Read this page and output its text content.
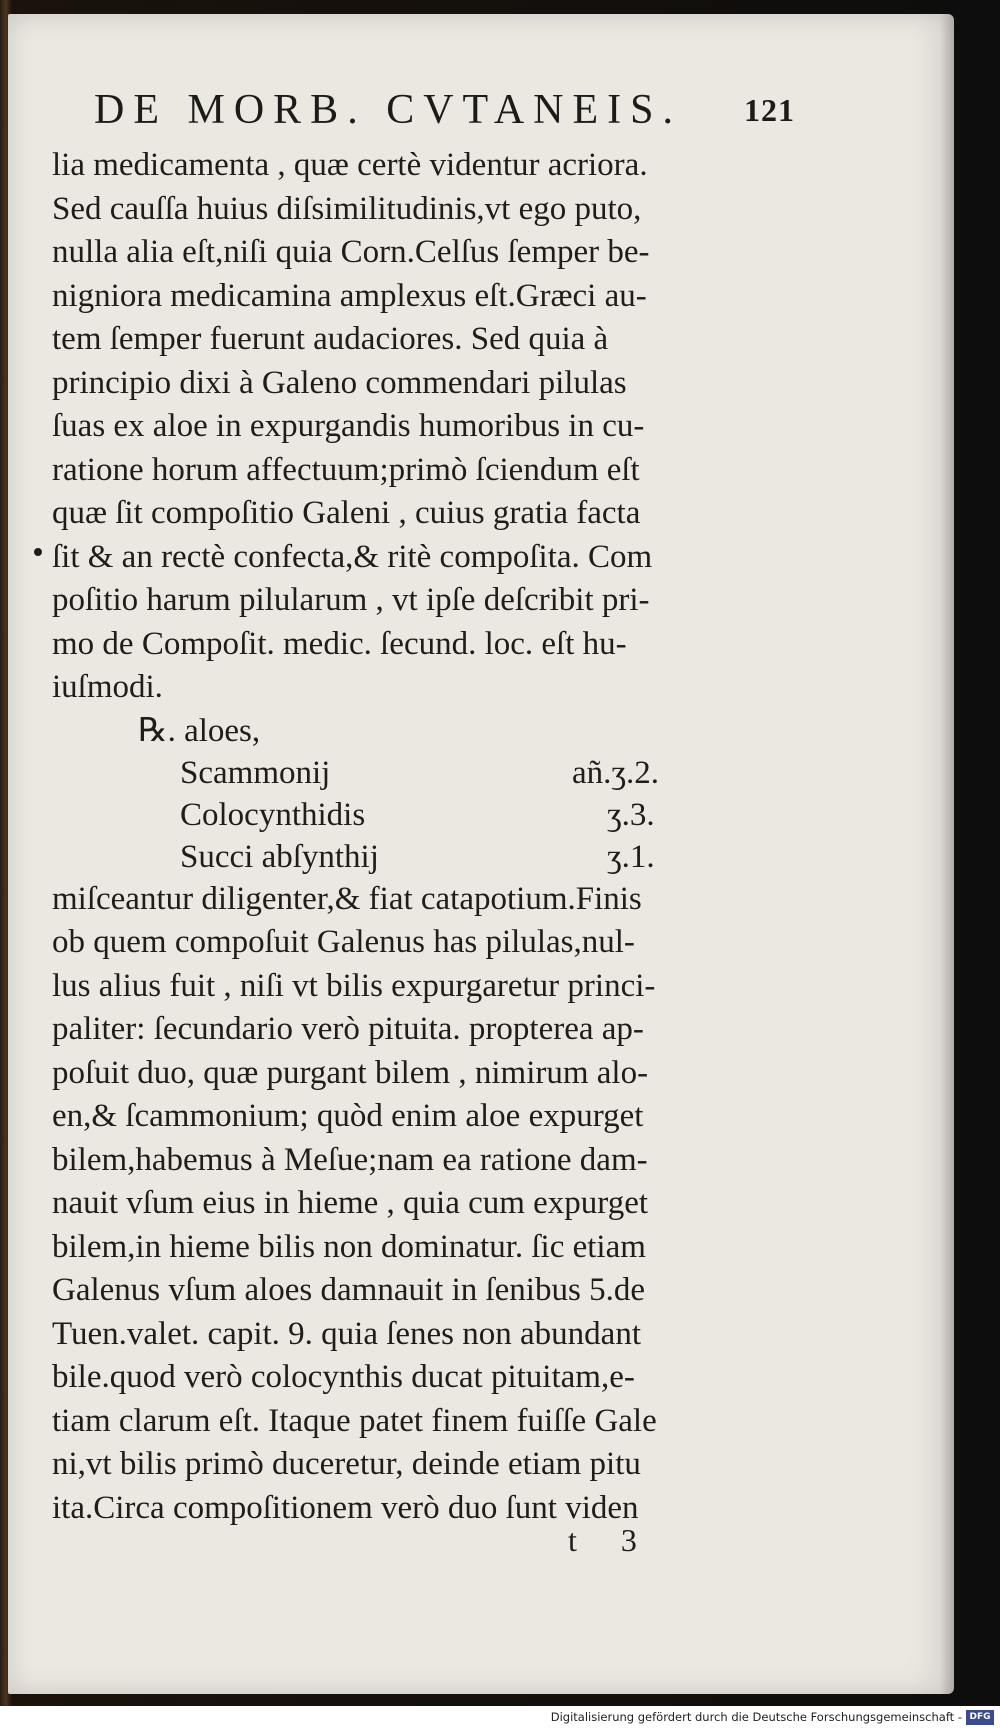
DE MORB. CVTANEIS. 121
lia medicamenta , quæ certè videntur acriora.
Sed cauſſa huius diſsimilitudinis,vt ego puto,
nulla alia eſt,niſi quia Corn.Celſus ſemper be-
nigniora medicamina amplexus eſt.Græci au-
tem ſemper fuerunt audaciores. Sed quia à
principio dixi à Galeno commendari pilulas
ſuas ex aloe in expurgandis humoribus in cu-
ratione horum affectuum;primò ſciendum eſt
quæ ſit compoſitio Galeni , cuius gratia facta
ſit & an rectè confecta,& ritè compoſita. Com
poſitio harum pilularum , vt ipſe deſcribit pri-
mo de Compoſit. medic. ſecund. loc. eſt hu-
iuſmodi.
℞. aloes,
Scammonij	añ.ʒ.2.
Colocynthidis	ʒ.3.
Succi abſynthij	ʒ.1.
miſceantur diligenter,& fiat catapotium.Finis
ob quem compoſuit Galenus has pilulas,nul-
lus alius fuit , niſi vt bilis expurgaretur princi-
paliter: ſecundario verò pituita. propterea ap-
poſuit duo, quæ purgant bilem , nimirum alo-
en,& ſcammonium; quòd enim aloe expurget
bilem,habemus à Meſue;nam ea ratione dam-
nauit vſum eius in hieme , quia cum expurget
bilem,in hieme bilis non dominatur. ſic etiam
Galenus vſum aloes damnauit in ſenibus 5.de
Tuen.valet. capit. 9. quia ſenes non abundant
bile.quod verò colocynthis ducat pituitam,e-
tiam clarum eſt. Itaque patet finem fuiſſe Gale
ni,vt bilis primò duceretur, deinde etiam pitu
ita.Circa compoſitionem verò duo ſunt viden
t 3
Digitalisierung gefördert durch die Deutsche Forschungsgemeinschaft - DFG
